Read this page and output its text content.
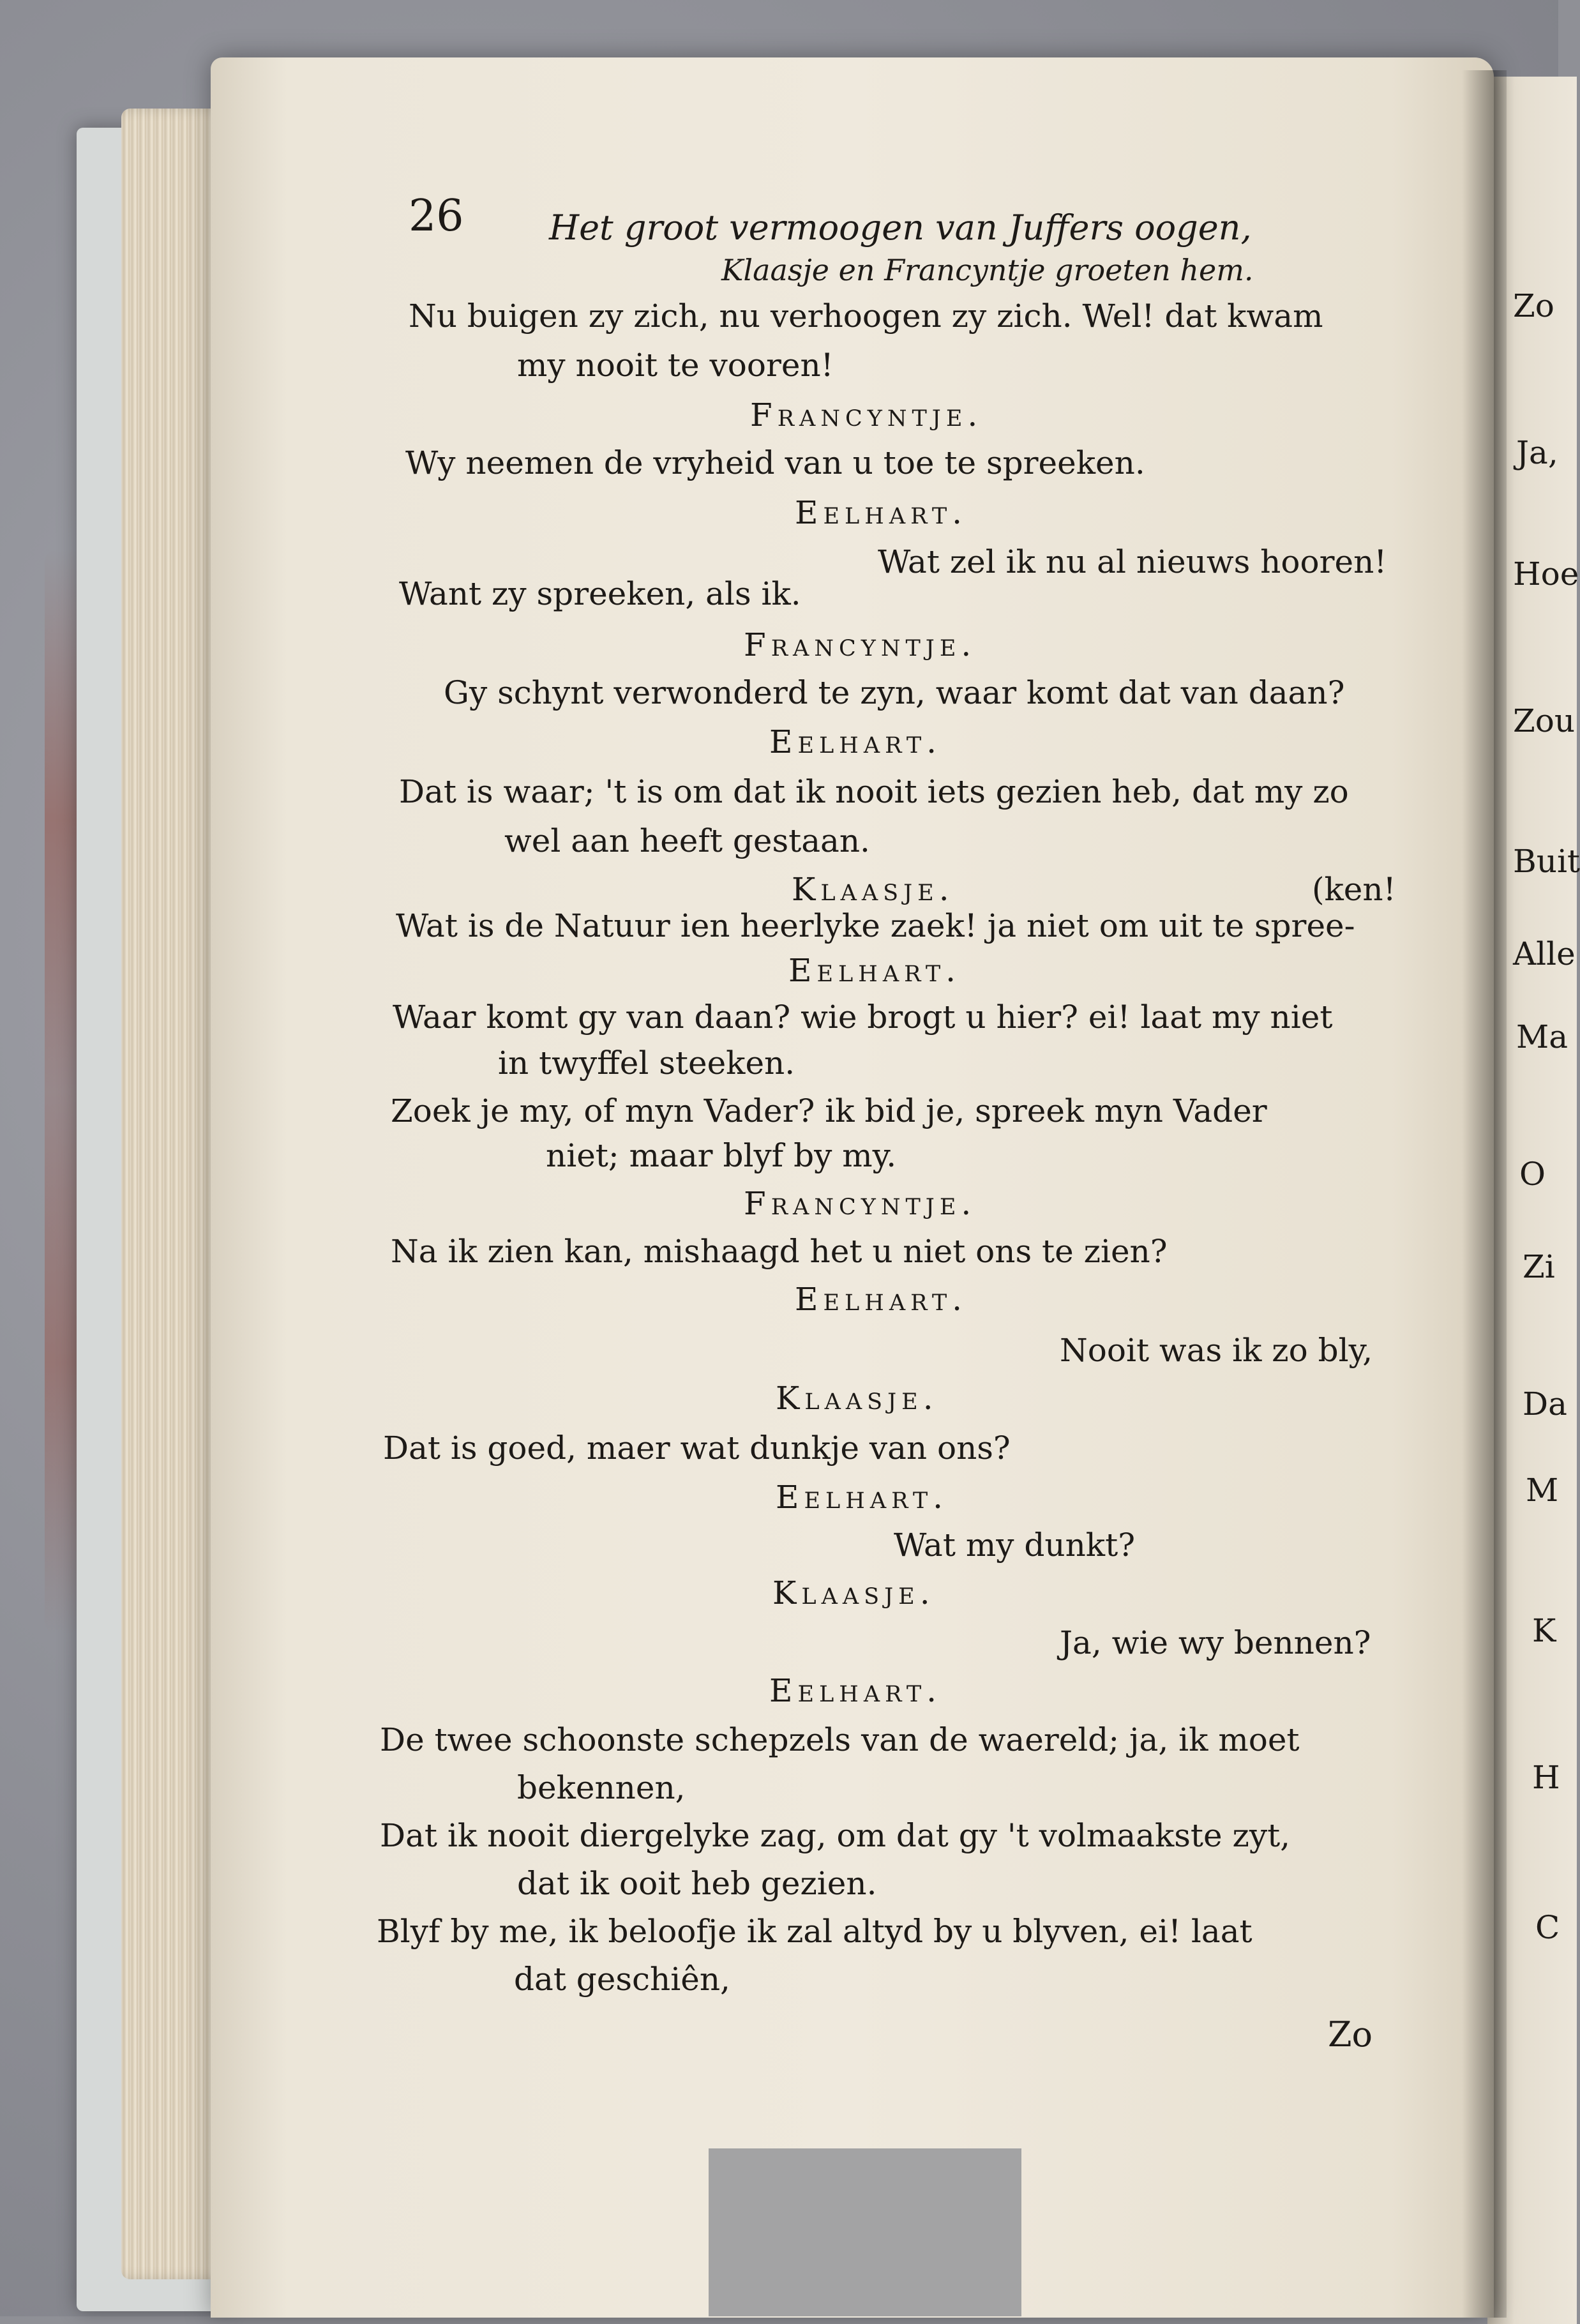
26 Het groot vermoogen van Juffers oogen,
Klaasje en Francyntje groeten hem.
Nu buigen zy zich, nu verhoogen zy zich. Wel! dat kwam
my nooit te vooren!
Francyntje.
Wy neemen de vryheid van u toe te spreeken.
Eelhart.
Wat zel ik nu al nieuws hooren!
Want zy spreeken, als ik.
Francyntje.
Gy schynt verwonderd te zyn, waar komt dat van daan?
Eelhart.
Dat is waar; 't is om dat ik nooit iets gezien heb, dat my zo
wel aan heeft gestaan.
Klaasje.	(ken!
Wat is de Natuur ien heerlyke zaek! ja niet om uit te spree-
Eelhart.
Waar komt gy van daan? wie brogt u hier? ei! laat my niet
in twyffel steeken.
Zoek je my, of myn Vader? ik bid je, spreek myn Vader
niet; maar blyf by my.
Francyntje.
Na ik zien kan, mishaagd het u niet ons te zien?
Eelhart.
Nooit was ik zo bly,
Klaasje.
Dat is goed, maer wat dunkje van ons?
Eelhart.
Wat my dunkt?
Klaasje.
Ja, wie wy bennen?
Eelhart.
De twee schoonste schepzels van de waereld; ja, ik moet
bekennen,
Dat ik nooit diergelyke zag, om dat gy 't volmaakste zyt,
dat ik ooit heb gezien.
Blyf by me, ik beloofje ik zal altyd by u blyven, ei! laat
dat geschiên,
Zo
Zo
Ja,
Hoe
Zou
Buit
Alle
Ma
O
Zi
Da
M
K
H
C
